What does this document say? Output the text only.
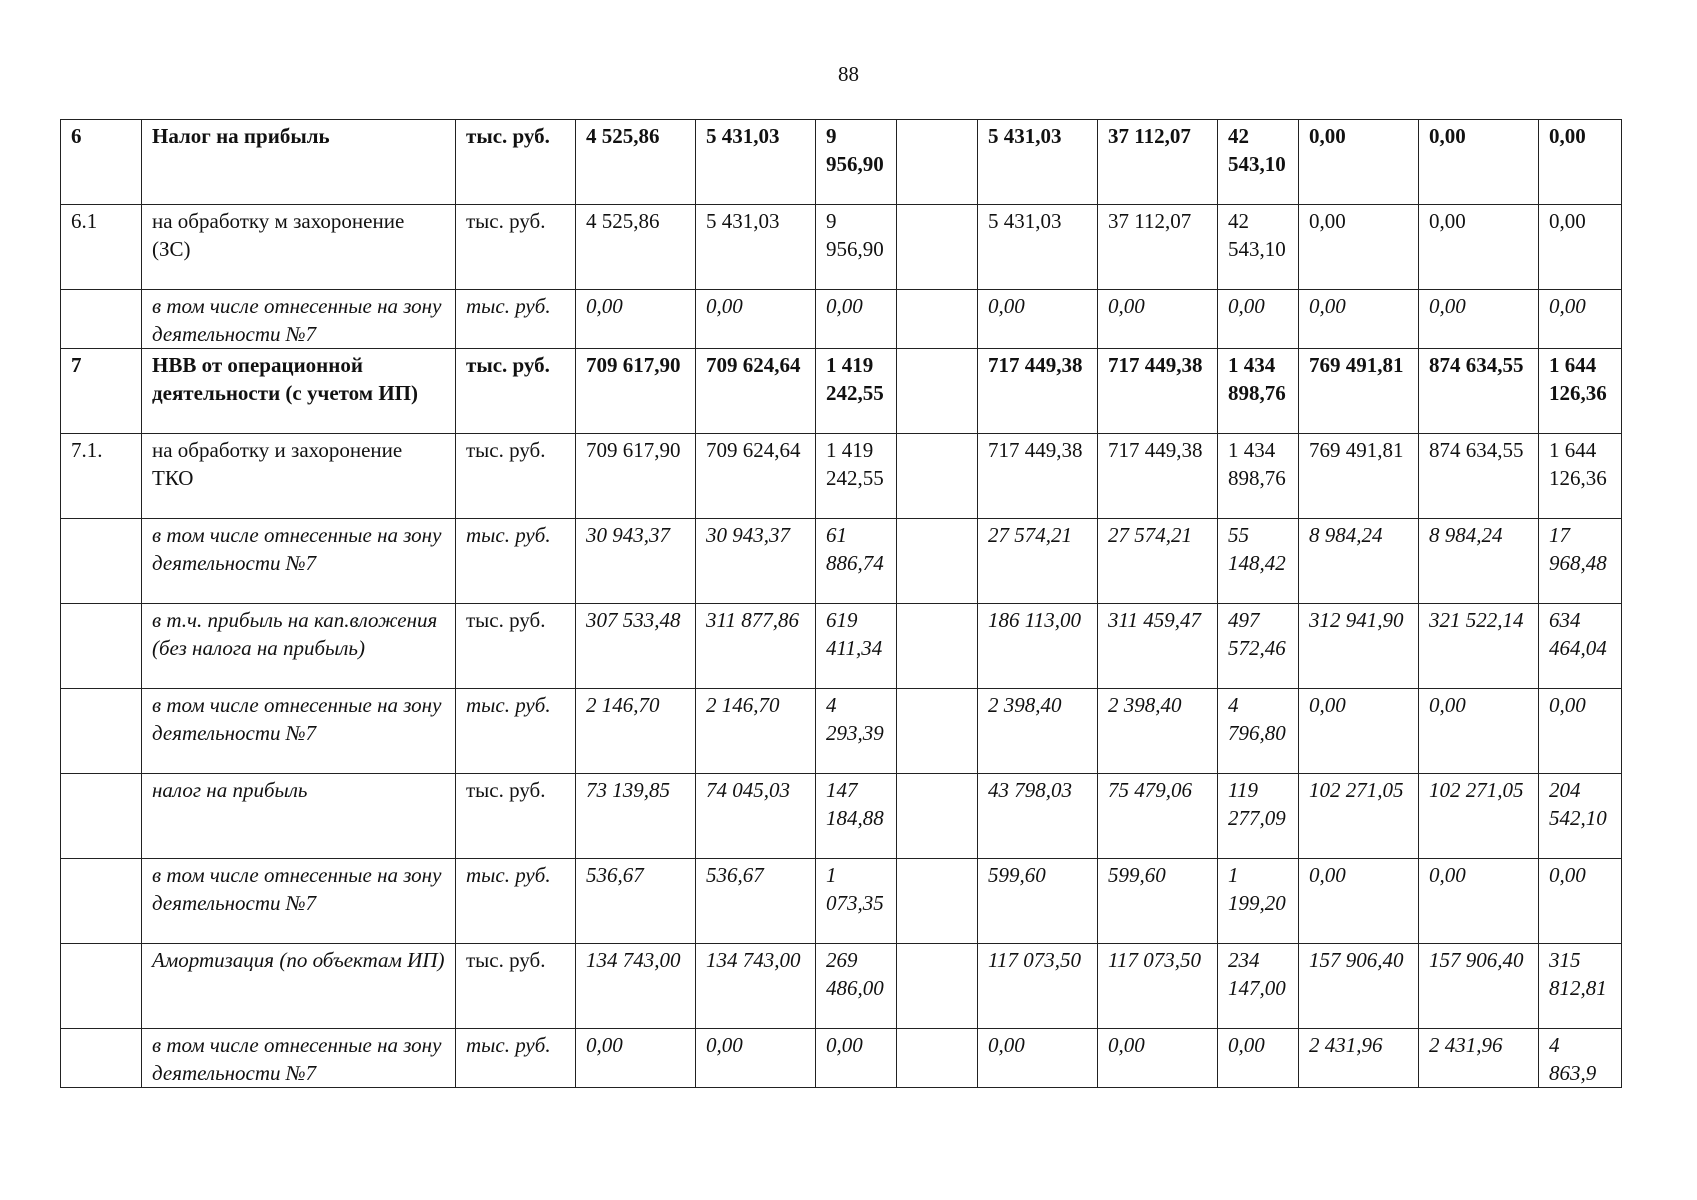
88
6	Налог на прибыль	тыс. руб.	4 525,86	5 431,03	9 956,90		5 431,03	37 112,07	42 543,10	0,00	0,00	0,00
6.1	на обработку м захоронение (ЗС)	тыс. руб.	4 525,86	5 431,03	9 956,90		5 431,03	37 112,07	42 543,10	0,00	0,00	0,00
	в том числе отнесенные на зону деятельности №7	тыс. руб.	0,00	0,00	0,00		0,00	0,00	0,00	0,00	0,00	0,00
7	НВВ от операционной деятельности (с учетом ИП)	тыс. руб.	709 617,90	709 624,64	1 419 242,55		717 449,38	717 449,38	1 434 898,76	769 491,81	874 634,55	1 644 126,36
7.1.	на обработку и захоронение ТКО	тыс. руб.	709 617,90	709 624,64	1 419 242,55		717 449,38	717 449,38	1 434 898,76	769 491,81	874 634,55	1 644 126,36
	в том числе отнесенные на зону деятельности №7	тыс. руб.	30 943,37	30 943,37	61 886,74		27 574,21	27 574,21	55 148,42	8 984,24	8 984,24	17 968,48
	в т.ч. прибыль на кап.вложения (без налога на прибыль)	тыс. руб.	307 533,48	311 877,86	619 411,34		186 113,00	311 459,47	497 572,46	312 941,90	321 522,14	634 464,04
	в том числе отнесенные на зону деятельности №7	тыс. руб.	2 146,70	2 146,70	4 293,39		2 398,40	2 398,40	4 796,80	0,00	0,00	0,00
	налог на прибыль	тыс. руб.	73 139,85	74 045,03	147 184,88		43 798,03	75 479,06	119 277,09	102 271,05	102 271,05	204 542,10
	в том числе отнесенные на зону деятельности №7	тыс. руб.	536,67	536,67	1 073,35		599,60	599,60	1 199,20	0,00	0,00	0,00
	Амортизация (по объектам ИП)	тыс. руб.	134 743,00	134 743,00	269 486,00		117 073,50	117 073,50	234 147,00	157 906,40	157 906,40	315 812,81
	в том числе отнесенные на зону деятельности №7	тыс. руб.	0,00	0,00	0,00		0,00	0,00	0,00	2 431,96	2 431,96	4 863,9
